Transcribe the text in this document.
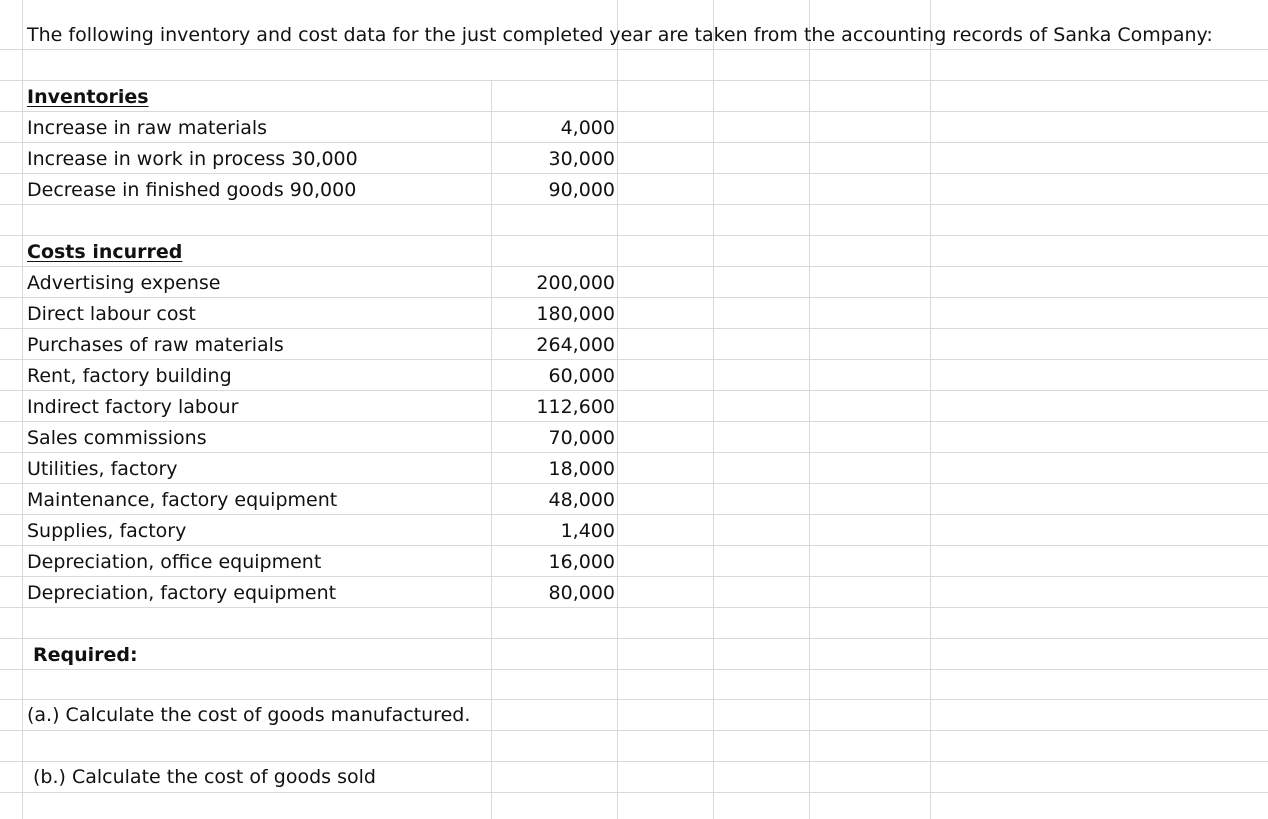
The following inventory and cost data for the just completed year are taken from the accounting records of Sanka Company:
Inventories
Increase in raw materials	4,000
Increase in work in process 30,000	30,000
Decrease in finished goods 90,000	90,000
Costs incurred
Advertising expense	200,000
Direct labour cost	180,000
Purchases of raw materials	264,000
Rent, factory building	60,000
Indirect factory labour	112,600
Sales commissions	70,000
Utilities, factory	18,000
Maintenance, factory equipment	48,000
Supplies, factory	1,400
Depreciation, office equipment	16,000
Depreciation, factory equipment	80,000
Required:
(a.) Calculate the cost of goods manufactured.
(b.) Calculate the cost of goods sold
